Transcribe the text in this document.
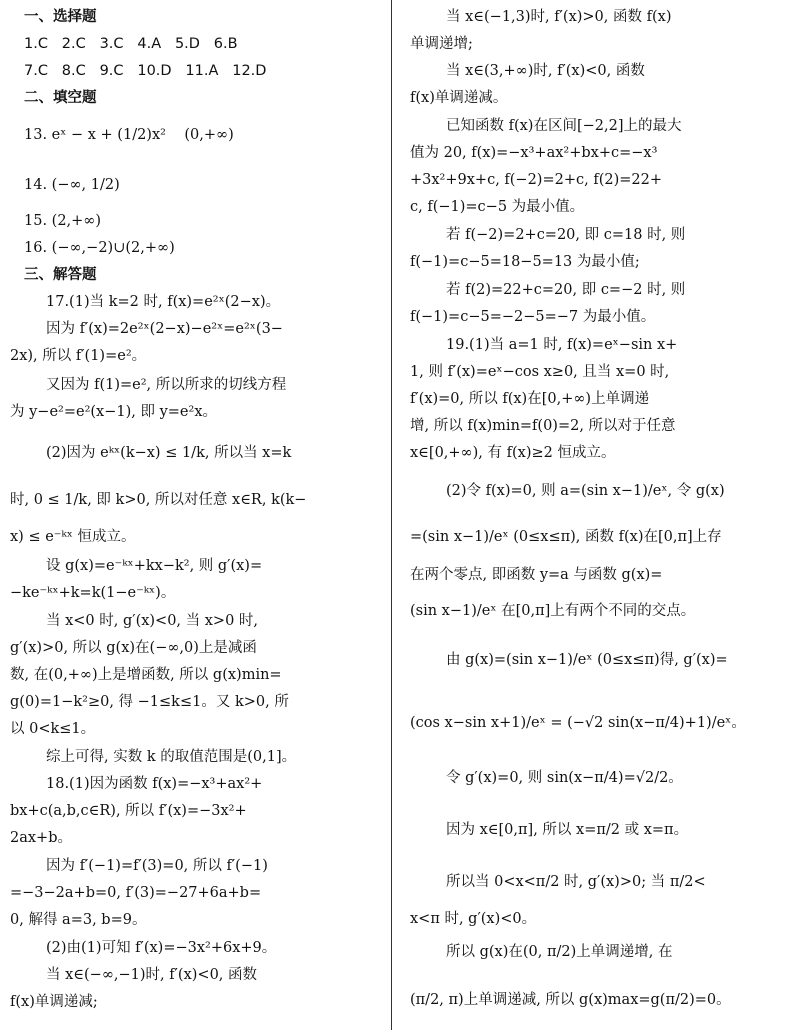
一、选择题
1.C   2.C   3.C   4.A   5.D   6.B
7.C   8.C   9.C   10.D   11.A   12.D
二、填空题
13. eˣ − x + (1/2)x²    (0,+∞)
14. (−∞, 1/2)
15. (2,+∞)
16. (−∞,−2)∪(2,+∞)
三、解答题
17.(1)当 k=2 时, f(x)=e²ˣ(2−x)。
因为 f′(x)=2e²ˣ(2−x)−e²ˣ=e²ˣ(3−
2x), 所以 f′(1)=e²。
又因为 f(1)=e², 所以所求的切线方程
为 y−e²=e²(x−1), 即 y=e²x。
(2)因为 eᵏˣ(k−x) ≤ 1/k, 所以当 x=k
时, 0 ≤ 1/k, 即 k>0, 所以对任意 x∈R, k(k−
x) ≤ e⁻ᵏˣ 恒成立。
设 g(x)=e⁻ᵏˣ+kx−k², 则 g′(x)=
−ke⁻ᵏˣ+k=k(1−e⁻ᵏˣ)。
当 x<0 时, g′(x)<0, 当 x>0 时,
g′(x)>0, 所以 g(x)在(−∞,0)上是减函
数, 在(0,+∞)上是增函数, 所以 g(x)min=
g(0)=1−k²≥0, 得 −1≤k≤1。又 k>0, 所
以 0<k≤1。
综上可得, 实数 k 的取值范围是(0,1]。
18.(1)因为函数 f(x)=−x³+ax²+
bx+c(a,b,c∈R), 所以 f′(x)=−3x²+
2ax+b。
因为 f′(−1)=f′(3)=0, 所以 f′(−1)
=−3−2a+b=0, f′(3)=−27+6a+b=
0, 解得 a=3, b=9。
(2)由(1)可知 f′(x)=−3x²+6x+9。
当 x∈(−∞,−1)时, f′(x)<0, 函数
f(x)单调递减;
当 x∈(−1,3)时, f′(x)>0, 函数 f(x)
单调递增;
当 x∈(3,+∞)时, f′(x)<0, 函数
f(x)单调递减。
已知函数 f(x)在区间[−2,2]上的最大
值为 20, f(x)=−x³+ax²+bx+c=−x³
+3x²+9x+c, f(−2)=2+c, f(2)=22+
c, f(−1)=c−5 为最小值。
若 f(−2)=2+c=20, 即 c=18 时, 则
f(−1)=c−5=18−5=13 为最小值;
若 f(2)=22+c=20, 即 c=−2 时, 则
f(−1)=c−5=−2−5=−7 为最小值。
19.(1)当 a=1 时, f(x)=eˣ−sin x+
1, 则 f′(x)=eˣ−cos x≥0, 且当 x=0 时,
f′(x)=0, 所以 f(x)在[0,+∞)上单调递
增, 所以 f(x)min=f(0)=2, 所以对于任意
x∈[0,+∞), 有 f(x)≥2 恒成立。
(2)令 f(x)=0, 则 a=(sin x−1)/eˣ, 令 g(x)
=(sin x−1)/eˣ (0≤x≤π), 函数 f(x)在[0,π]上存
在两个零点, 即函数 y=a 与函数 g(x)=
(sin x−1)/eˣ 在[0,π]上有两个不同的交点。
由 g(x)=(sin x−1)/eˣ (0≤x≤π)得, g′(x)=
(cos x−sin x+1)/eˣ = (−√2 sin(x−π/4)+1)/eˣ。
令 g′(x)=0, 则 sin(x−π/4)=√2/2。
因为 x∈[0,π], 所以 x=π/2 或 x=π。
所以当 0<x<π/2 时, g′(x)>0; 当 π/2<
x<π 时, g′(x)<0。
所以 g(x)在(0, π/2)上单调递增, 在
(π/2, π)上单调递减, 所以 g(x)max=g(π/2)=0。
